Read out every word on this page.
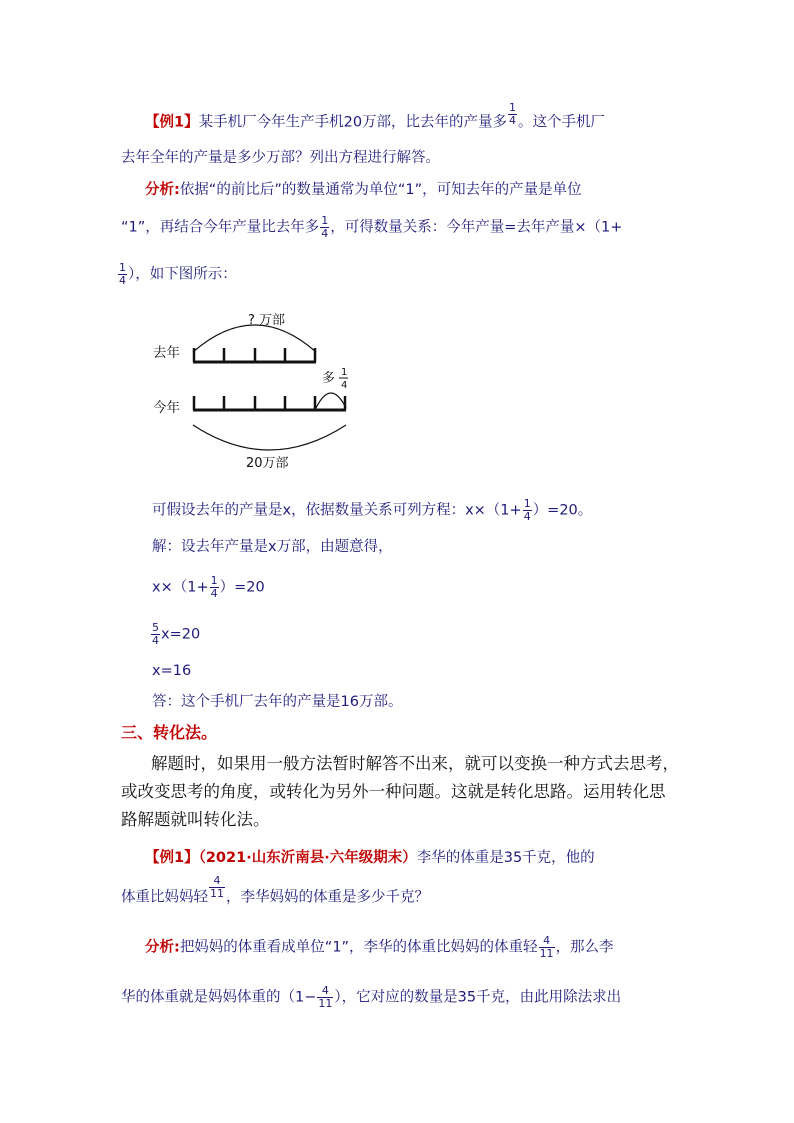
【例1】某手机厂今年生产手机20万部，比去年的产量多 $\frac{1}{4}$ 。这个手机厂
去年全年的产量是多少万部？列出方程进行解答。
分析:依据“的前比后”的数量通常为单位“1”，可知去年的产量是单位
“1”，再结合今年产量比去年多 $\frac{1}{4}$ ，可得数量关系：今年产量=去年产量×（1+
$\frac{1}{4}$ ），如下图所示：
? 万部
去年
多 1
4
今年
20万部
可假设去年的产量是x，依据数量关系可列方程：$x\times(1+ \frac{1}{4} )=20$。
解：设去年产量是x万部，由题意得，
$x\times(1+ \frac{1}{4} )=20$
$\frac{5}{4} x=20$
x=16
答：这个手机厂去年的产量是16万部。
三、转化法。
解题时，如果用一般方法暂时解答不出来，就可以变换一种方式去思考，或改变思考的角度，或转化为另外一种问题。这就是转化思路。运用转化思路解题就叫转化法。
【例1】（2021·山东沂南县·六年级期末）李华的体重是35千克，他的
体重比妈妈轻 $\frac{4}{11}$ ，李华妈妈的体重是多少千克？
分析:把妈妈的体重看成单位“1”，李华的体重比妈妈的体重轻 $\frac{4}{11}$ ，那么李
华的体重就是妈妈体重的（$1- \frac{4}{11}$ ），它对应的数量是35千克，由此用除法求出
